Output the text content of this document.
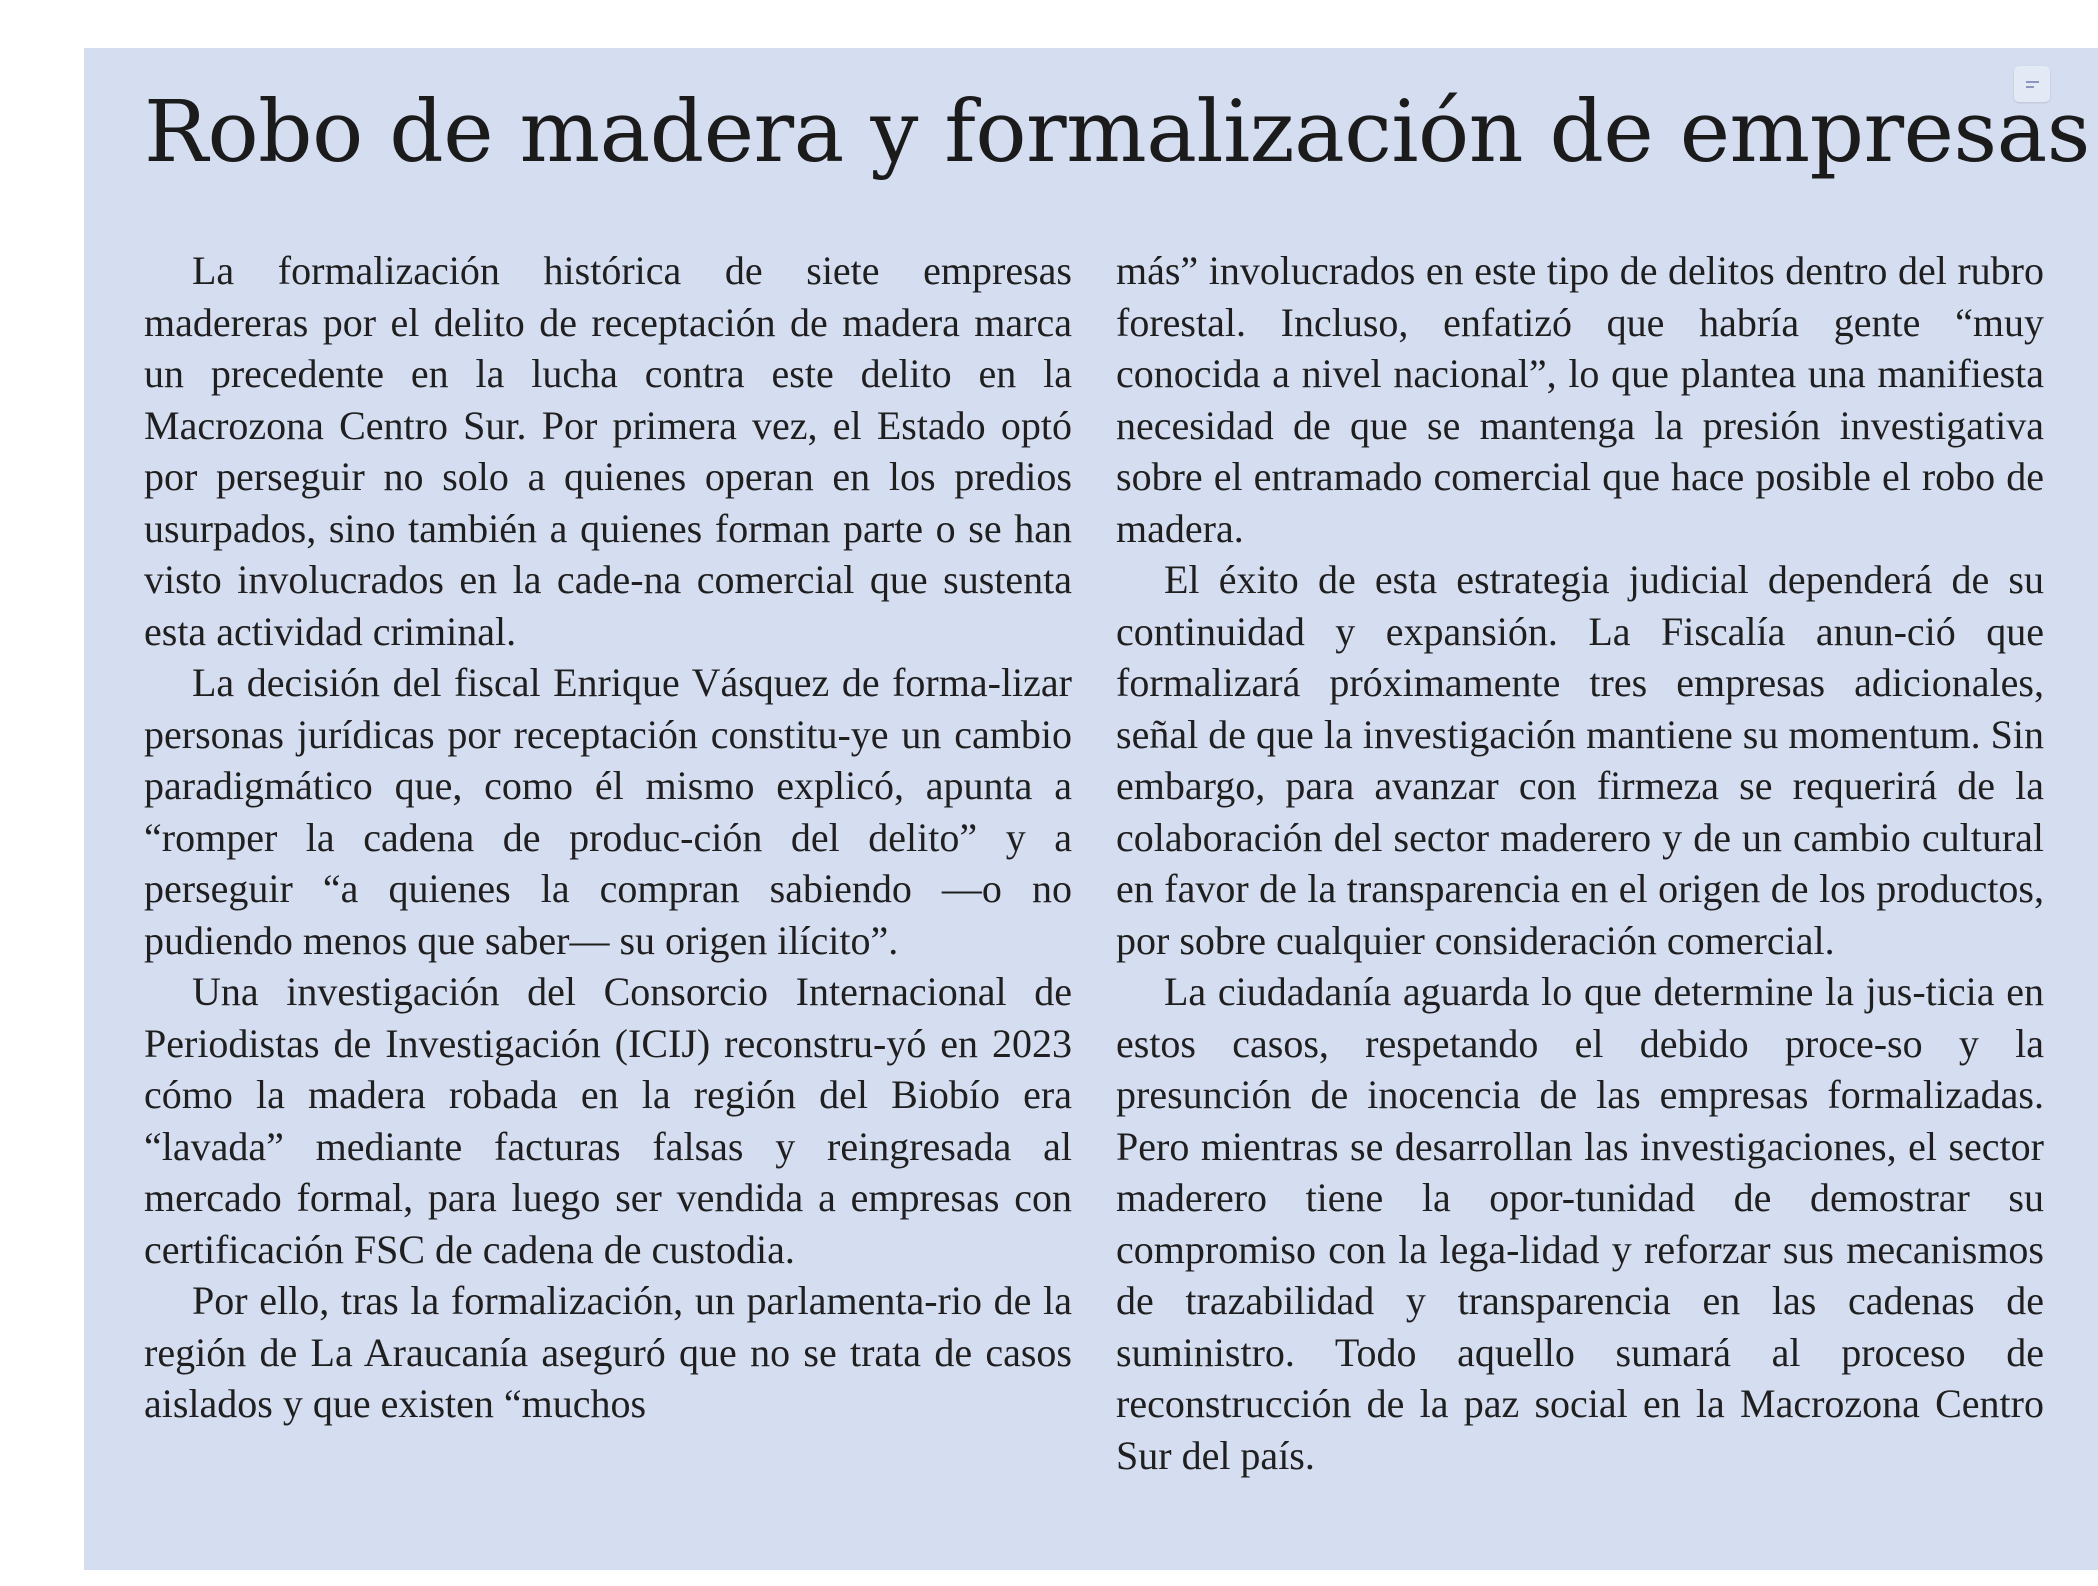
Robo de madera y formalización de empresas

La formalización histórica de siete empresas madereras por el delito de receptación de madera marca un precedente en la lucha contra este delito en la Macrozona Centro Sur. Por primera vez, el Estado optó por perseguir no solo a quienes operan en los predios usurpados, sino también a quienes forman parte o se han visto involucrados en la cade-na comercial que sustenta esta actividad criminal.

La decisión del fiscal Enrique Vásquez de forma-lizar personas jurídicas por receptación constitu-ye un cambio paradigmático que, como él mismo explicó, apunta a “romper la cadena de produc-ción del delito” y a perseguir “a quienes la compran sabiendo —o no pudiendo menos que saber— su origen ilícito”.

Una investigación del Consorcio Internacional de Periodistas de Investigación (ICIJ) reconstru-yó en 2023 cómo la madera robada en la región del Biobío era “lavada” mediante facturas falsas y reingresada al mercado formal, para luego ser vendida a empresas con certificación FSC de cadena de custodia.

Por ello, tras la formalización, un parlamenta-rio de la región de La Araucanía aseguró que no se trata de casos aislados y que existen “muchos

más” involucrados en este tipo de delitos dentro del rubro forestal. Incluso, enfatizó que habría gente “muy conocida a nivel nacional”, lo que plantea una manifiesta necesidad de que se mantenga la presión investigativa sobre el entramado comercial que hace posible el robo de madera.

El éxito de esta estrategia judicial dependerá de su continuidad y expansión. La Fiscalía anun-ció que formalizará próximamente tres empresas adicionales, señal de que la investigación mantiene su momentum. Sin embargo, para avanzar con firmeza se requerirá de la colaboración del sector maderero y de un cambio cultural en favor de la transparencia en el origen de los productos, por sobre cualquier consideración comercial.

La ciudadanía aguarda lo que determine la jus-ticia en estos casos, respetando el debido proce-so y la presunción de inocencia de las empresas formalizadas. Pero mientras se desarrollan las investigaciones, el sector maderero tiene la opor-tunidad de demostrar su compromiso con la lega-lidad y reforzar sus mecanismos de trazabilidad y transparencia en las cadenas de suministro. Todo aquello sumará al proceso de reconstrucción de la paz social en la Macrozona Centro Sur del país.
